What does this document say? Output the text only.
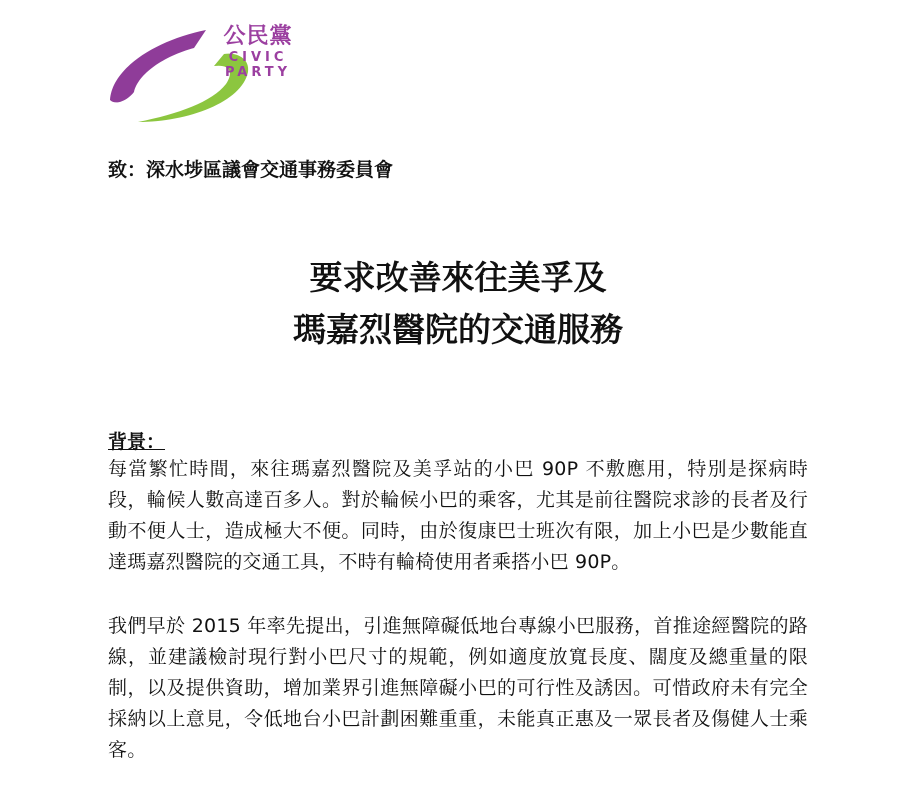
公民黨
CIVIC
PARTY
致：深水埗區議會交通事務委員會
要求改善來往美孚及
瑪嘉烈醫院的交通服務
背景：

每當繁忙時間，來往瑪嘉烈醫院及美孚站的小巴 90P 不敷應用，特別是探病時段，輪候人數高達百多人。對於輪候小巴的乘客，尤其是前往醫院求診的長者及行動不便人士，造成極大不便。同時，由於復康巴士班次有限，加上小巴是少數能直達瑪嘉烈醫院的交通工具，不時有輪椅使用者乘搭小巴 90P。

我們早於 2015 年率先提出，引進無障礙低地台專線小巴服務，首推途經醫院的路線，並建議檢討現行對小巴尺寸的規範，例如適度放寬長度、闊度及總重量的限制，以及提供資助，增加業界引進無障礙小巴的可行性及誘因。可惜政府未有完全採納以上意見，令低地台小巴計劃困難重重，未能真正惠及一眾長者及傷健人士乘客。
